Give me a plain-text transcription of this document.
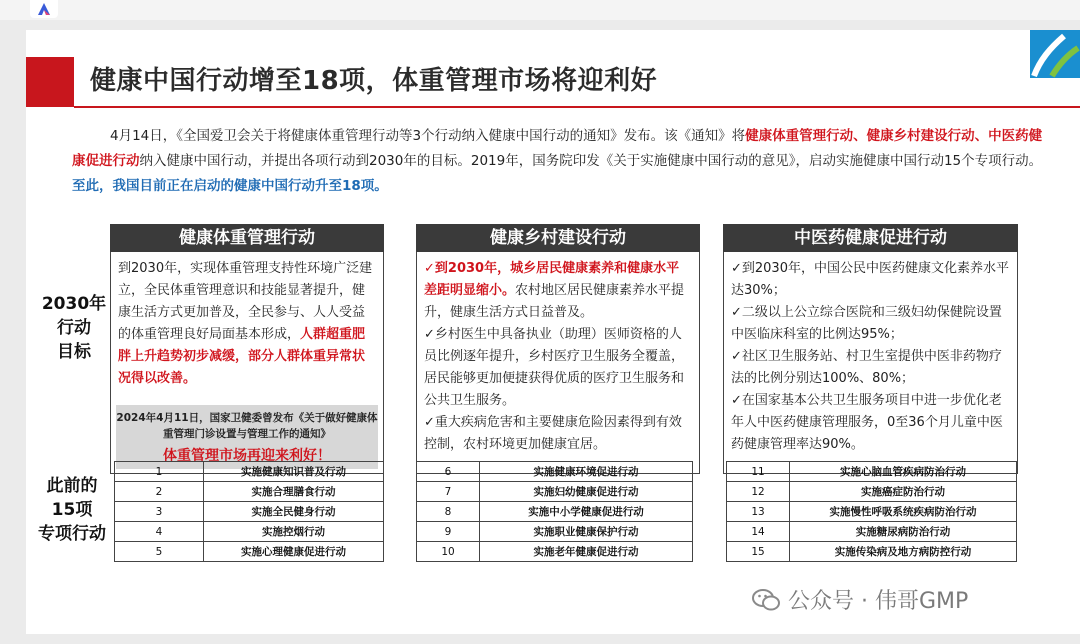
健康中国行动增至18项，体重管理市场将迎利好
4月14日，《全国爱卫会关于将健康体重管理行动等3个行动纳入健康中国行动的通知》发布。该《通知》将健康体重管理行动、健康乡村建设行动、中医药健康促进行动纳入健康中国行动，并提出各项行动到2030年的目标。2019年，国务院印发《关于实施健康中国行动的意见》，启动实施健康中国行动15个专项行动。至此，我国目前正在启动的健康中国行动升至18项。
2030年
行动
目标
此前的
15项
专项行动
健康体重管理行动
到2030年，实现体重管理支持性环境广泛建立，全民体重管理意识和技能显著提升，健康生活方式更加普及，全民参与、人人受益的体重管理良好局面基本形成，人群超重肥胖上升趋势初步减缓，部分人群体重异常状况得以改善。
2024年4月11日，国家卫健委曾发布《关于做好健康体重管理门诊设置与管理工作的通知》
体重管理市场再迎来利好！
健康乡村建设行动
✓到2030年，城乡居民健康素养和健康水平差距明显缩小。农村地区居民健康素养水平提升，健康生活方式日益普及。
✓乡村医生中具备执业（助理）医师资格的人员比例逐年提升，乡村医疗卫生服务全覆盖，居民能够更加便捷获得优质的医疗卫生服务和公共卫生服务。
✓重大疾病危害和主要健康危险因素得到有效控制，农村环境更加健康宜居。
中医药健康促进行动
✓到2030年，中国公民中医药健康文化素养水平达30%；
✓二级以上公立综合医院和三级妇幼保健院设置中医临床科室的比例达95%；
✓社区卫生服务站、村卫生室提供中医非药物疗法的比例分别达100%、80%；
✓在国家基本公共卫生服务项目中进一步优化老年人中医药健康管理服务，0至36个月儿童中医药健康管理率达90%。
1	实施健康知识普及行动
2	实施合理膳食行动
3	实施全民健身行动
4	实施控烟行动
5	实施心理健康促进行动
6	实施健康环境促进行动
7	实施妇幼健康促进行动
8	实施中小学健康促进行动
9	实施职业健康保护行动
10	实施老年健康促进行动
11	实施心脑血管疾病防治行动
12	实施癌症防治行动
13	实施慢性呼吸系统疾病防治行动
14	实施糖尿病防治行动
15	实施传染病及地方病防控行动
公众号 · 伟哥GMP
